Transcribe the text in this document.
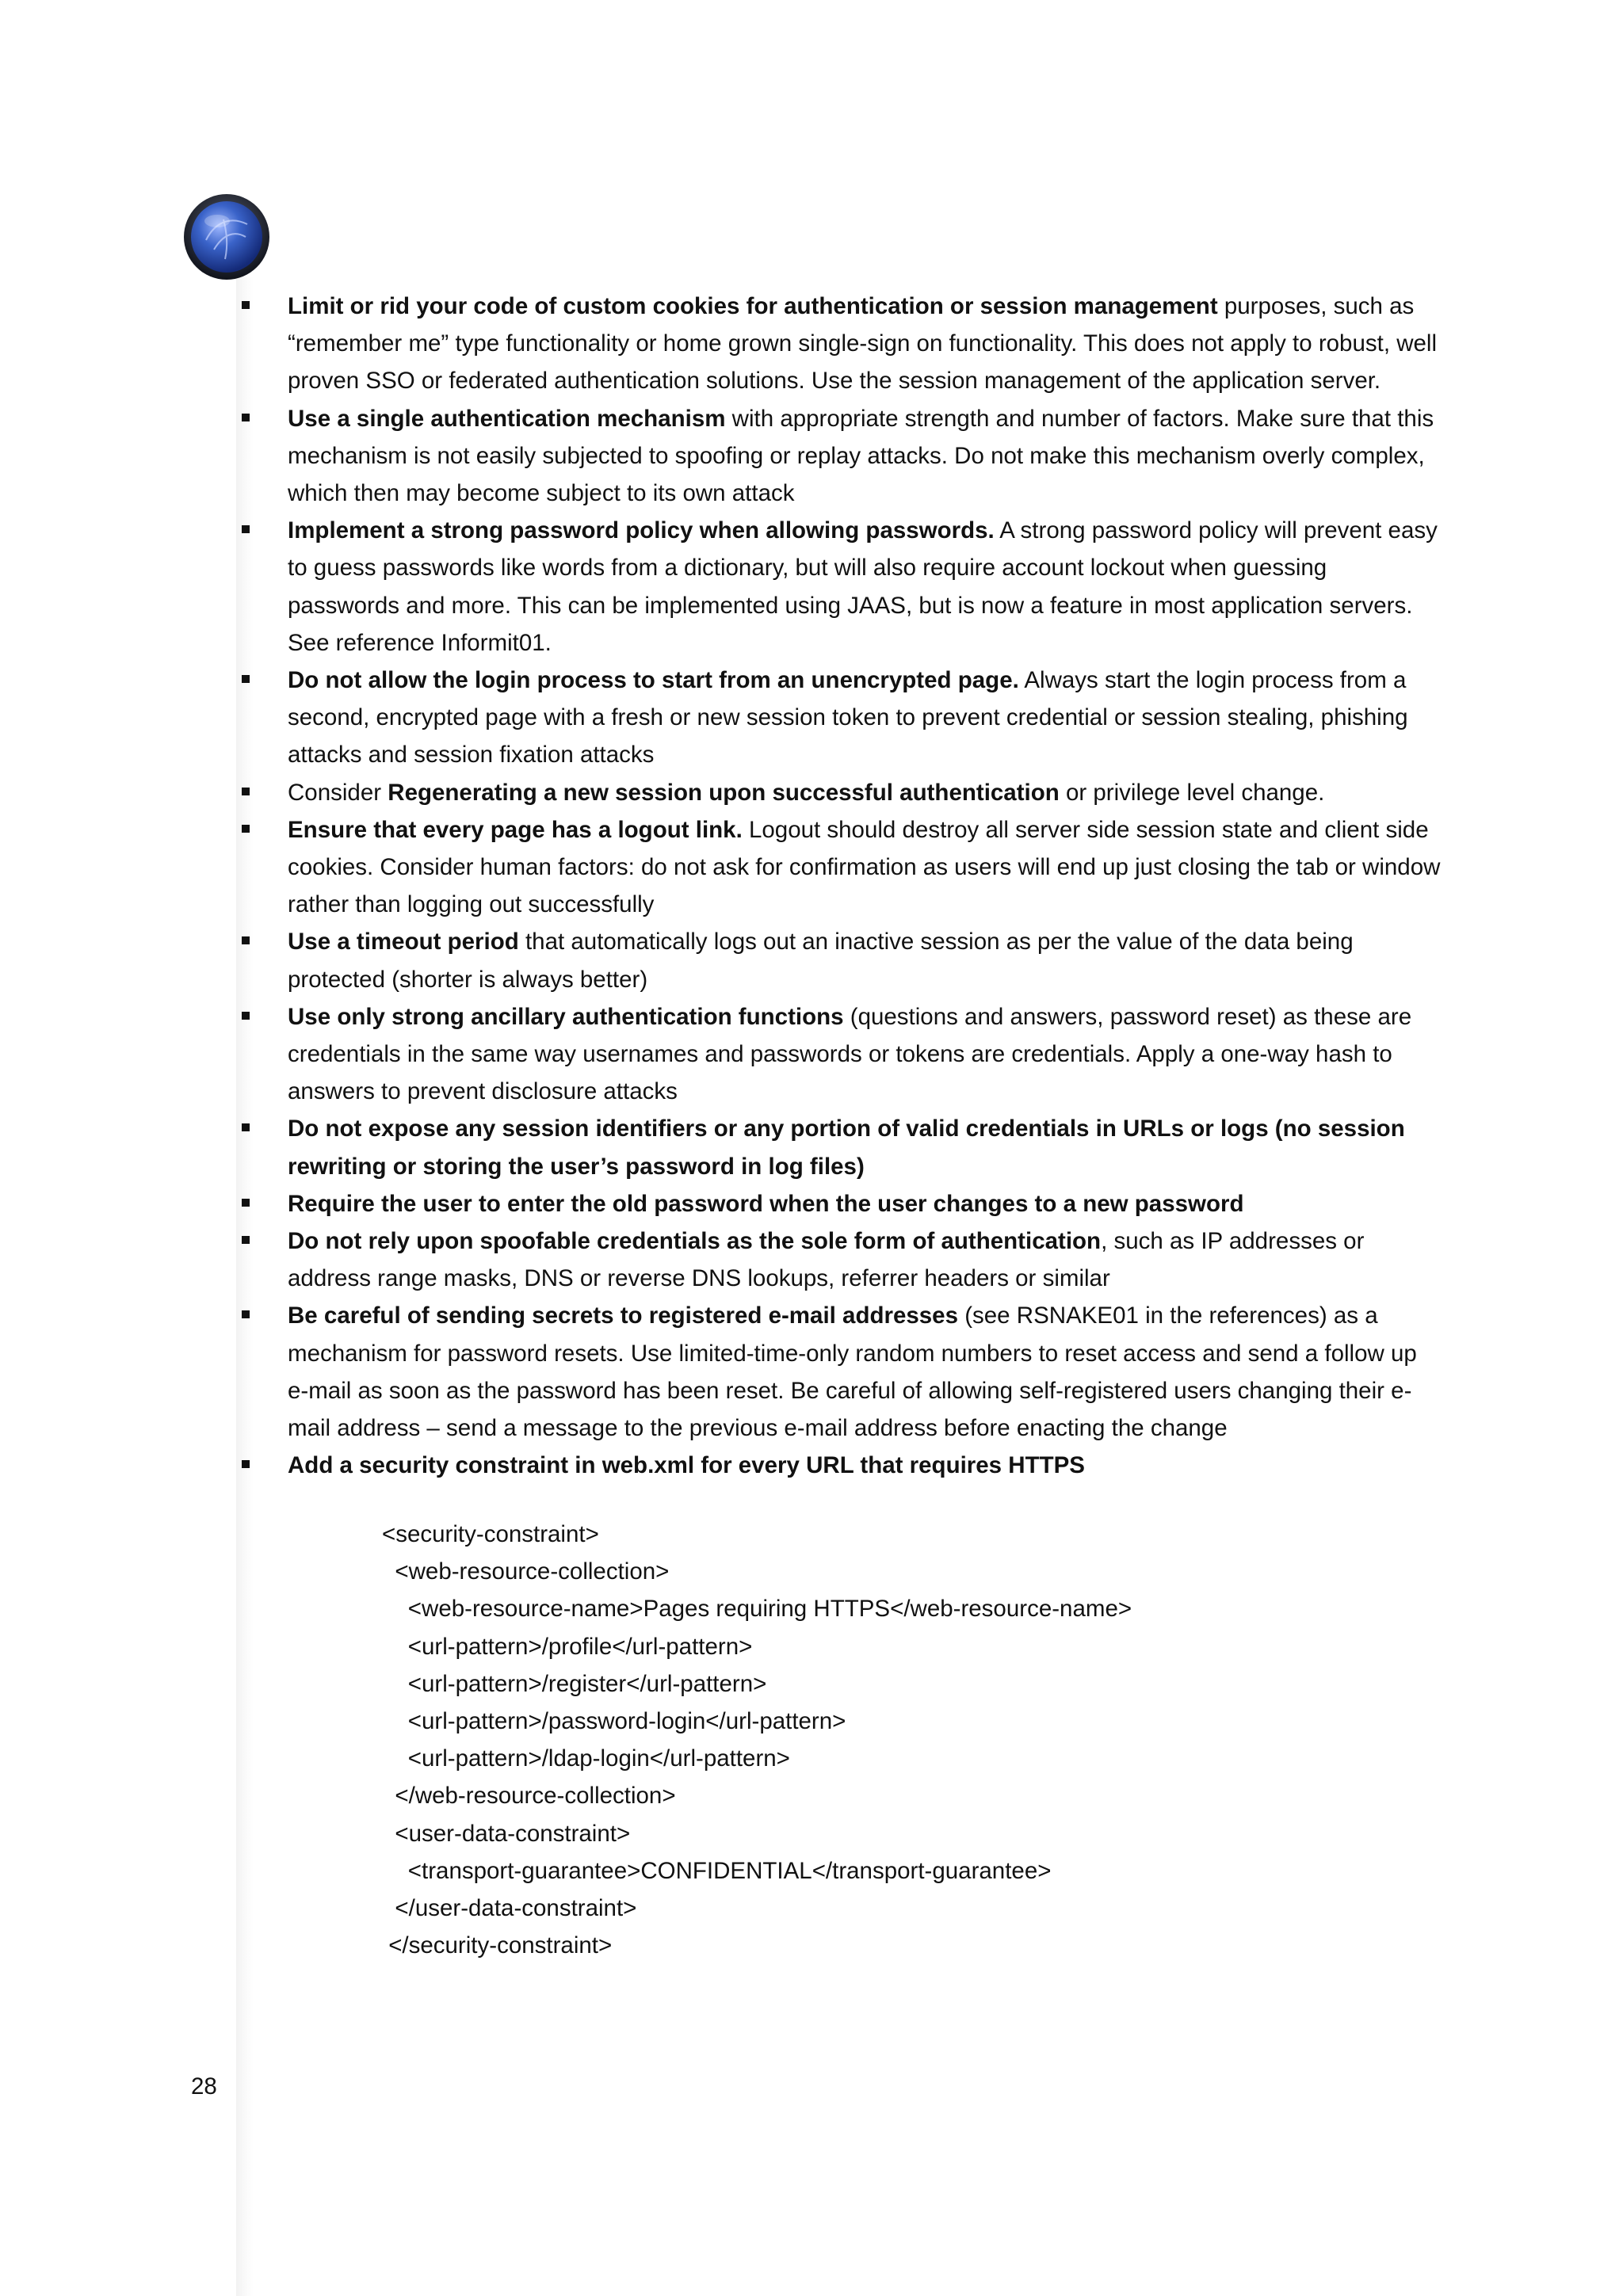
Limit or rid your code of custom cookies for authentication or session management purposes, such as “remember me” type functionality or home grown single-sign on functionality. This does not apply to robust, well proven SSO or federated authentication solutions. Use the session management of the application server.
Use a single authentication mechanism with appropriate strength and number of factors. Make sure that this mechanism is not easily subjected to spoofing or replay attacks. Do not make this mechanism overly complex, which then may become subject to its own attack
Implement a strong password policy when allowing passwords. A strong password policy will prevent easy to guess passwords like words from a dictionary, but will also require account lockout when guessing passwords and more. This can be implemented using JAAS, but is now a feature in most application servers. See reference Informit01.
Do not allow the login process to start from an unencrypted page. Always start the login process from a second, encrypted page with a fresh or new session token to prevent credential or session stealing, phishing attacks and session fixation attacks
Consider Regenerating a new session upon successful authentication or privilege level change.
Ensure that every page has a logout link. Logout should destroy all server side session state and client side cookies. Consider human factors: do not ask for confirmation as users will end up just closing the tab or window rather than logging out successfully
Use a timeout period that automatically logs out an inactive session as per the value of the data being protected (shorter is always better)
Use only strong ancillary authentication functions (questions and answers, password reset) as these are credentials in the same way usernames and passwords or tokens are credentials. Apply a one-way hash to answers to prevent disclosure attacks
Do not expose any session identifiers or any portion of valid credentials in URLs or logs (no session rewriting or storing the user’s password in log files)
Require the user to enter the old password when the user changes to a new password
Do not rely upon spoofable credentials as the sole form of authentication, such as IP addresses or address range masks, DNS or reverse DNS lookups, referrer headers or similar
Be careful of sending secrets to registered e-mail addresses (see RSNAKE01 in the references) as a mechanism for password resets. Use limited-time-only random numbers to reset access and send a follow up e-mail as soon as the password has been reset. Be careful of allowing self-registered users changing their e-mail address – send a message to the previous e-mail address before enacting the change
Add a security constraint in web.xml for every URL that requires HTTPS
<security-constraint>
<web-resource-collection>
<web-resource-name>Pages requiring HTTPS</web-resource-name>
<url-pattern>/profile</url-pattern>
<url-pattern>/register</url-pattern>
<url-pattern>/password-login</url-pattern>
<url-pattern>/ldap-login</url-pattern>
</web-resource-collection>
<user-data-constraint>
<transport-guarantee>CONFIDENTIAL</transport-guarantee>
</user-data-constraint>
</security-constraint>
28
